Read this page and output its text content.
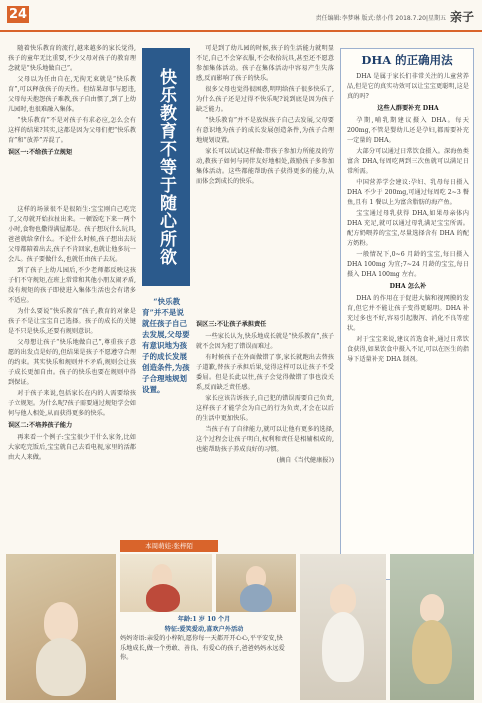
24	责任编辑:李梦琳 版式:蔡小伟 2018.7.20|星期五 亲子

随着快乐教育的流行,越来越多的家长觉得,孩子的童年无比重要,不少父母对孩子的教育理念就是“快乐地做自己”。

父母以为任由自在,无拘无束就是“快乐教育”,可以释放孩子的天性。但结果却事与愿违,父母每天抱怨孩子难教,孩子自由惯了,到了上幼儿园时,也很难融入集体。

“快乐教育”不是对孩子有求必应,怎么会有这样的结果?其实,这都是因为父母们把“快乐教育”和“放养”弄混了。

误区一:不给孩子立规矩

这样的场景很不是很陌生:宝宝刚自己吃完了,父母就开始拉扯出来。一顿饭吃下来一两个小时,食物也撒得满屋都是。孩子想玩什么玩具,爸爸就给拿什么。不论什么时候,孩子想出去玩父母都陪着出去,孩子不肯回家,也就让他多玩一会儿。孩子要做什么,也就任由孩子去玩。

到了孩子上幼儿园后,不少老师都反映这孩子们不守规矩,在班上常常和其他小朋友闹矛盾,没有规矩的孩子即使进入集体生活也会有诸多不适应。

为什么要说“快乐教育”孩子,教育的对象是孩子不是让宝宝自己选择。孩子的成长的关键是不只是快乐,还要有规则意识。

父母想让孩子“快乐地做自己”,尊重孩子意愿的出发点是好的,但结果是孩子不愿遵守合理的约束。其实快乐和规则并不矛盾,规则会让孩子成长更加自由。孩子的快乐也要在规则中得到保证。

对于孩子来说,包括家长在内的人需要给孩子立规矩。为什么呢?孩子需要通过规矩学会如何与他人相处,从而获得更多的快乐。

误区二:不培养孩子能力

再来看一个例子:宝宝很少干什么家务,比如大家吃完饭后,宝宝就自己去看电视,家里的活都由大人来做。

快乐教育不等于随心所欲

“快乐教育”并不是说就任孩子自己去发展,父母要有意识地为孩子的成长发展创造条件,为孩子合理地规划设置。

可是到了幼儿园的时候,孩子的生活能力就明显不足,自己不会穿衣服,不会收拾玩具,甚至还不愿意参加集体活动。孩子在集体活动中容易产生失落感,反而影响了孩子的快乐。

很多父母也觉得很困惑,明明给孩子很多快乐了,为什么孩子还是过得不快乐呢?说到底是因为孩子缺乏能力。

“快乐教育”并不是放纵孩子自己去发展,父母要有意识地为孩子的成长发展创造条件,为孩子合理地规划设置。

家长可以试试这样做:带孩子参加力所能及的劳动,教孩子如何与同伴友好地相处,鼓励孩子多参加集体活动。这些都能帮助孩子获得更多的能力,从而体会到成长的快乐。

误区三:不让孩子承担责任

一些家长认为,快乐地成长就是“快乐教育”,孩子就不会因为犯了错误而难过。

有时候孩子在外面做错了事,家长就跑出去替孩子道歉,替孩子承担后果,觉得这样可以让孩子不受委屈。但是长此以往,孩子会觉得做错了事也没关系,反而缺乏责任感。

家长应该告诉孩子,自己犯的错误需要自己负责,这样孩子才能学会为自己的行为负责,才会在以后的生活中更加快乐。

当孩子有了自律能力,就可以让他有更多的选择,这个过程会让孩子明白,权利和责任是相辅相成的,也能帮助孩子养成良好的习惯。

(摘自《当代健康报》)

DHA 的正确用法

DHA 是属于家长们非常关注的儿童营养品,但是它的真实功效可以让宝宝更聪明,这是真的吗?

这些人群要补充 DHA

孕期,哺乳期建议摄入 DHA。每天 200mg,不管是婴幼儿还是孕妇,都需要补充一定量的 DHA。

大部分可以通过日常饮食摄入。深海鱼类富含 DHA,每周吃两到三次鱼就可以满足日常所需。

中国营养学会建议:孕妇、乳母每日摄入 DHA 不少于 200mg,可通过每周吃 2~3 餐鱼,且有 1 餐以上为富含脂肪的海产鱼。

宝宝通过母乳获得 DHA,如果母亲体内 DHA 充足,就可以通过母乳满足宝宝所需。配方奶喂养的宝宝,尽量选择含有 DHA 的配方奶粉。

一般情况下,0~6 月龄的宝宝,每日摄入 DHA 100mg 为宜;7~24 月龄的宝宝,每日摄入 DHA 100mg 左右。

DHA 怎么补

DHA 的作用在于促进大脑和视网膜的发育,但它并不能让孩子变得更聪明。DHA 补充过多也不好,容易引起腹泻、消化不良等症状。

对于宝宝来说,建议首选食补,通过日常饮食获得,如果饮食中摄入不足,可以在医生的指导下适量补充 DHA 制剂。

本周萌娃:张梓陌
年龄:1 岁 10 个月
特征:爱笑爱动,喜欢户外活动
妈妈寄语:亲爱的小梓陌,愿你每一天都开开心心,平平安安,快乐地成长,做一个勇敢、善良、有爱心的孩子,爸爸妈妈永远爱你。
